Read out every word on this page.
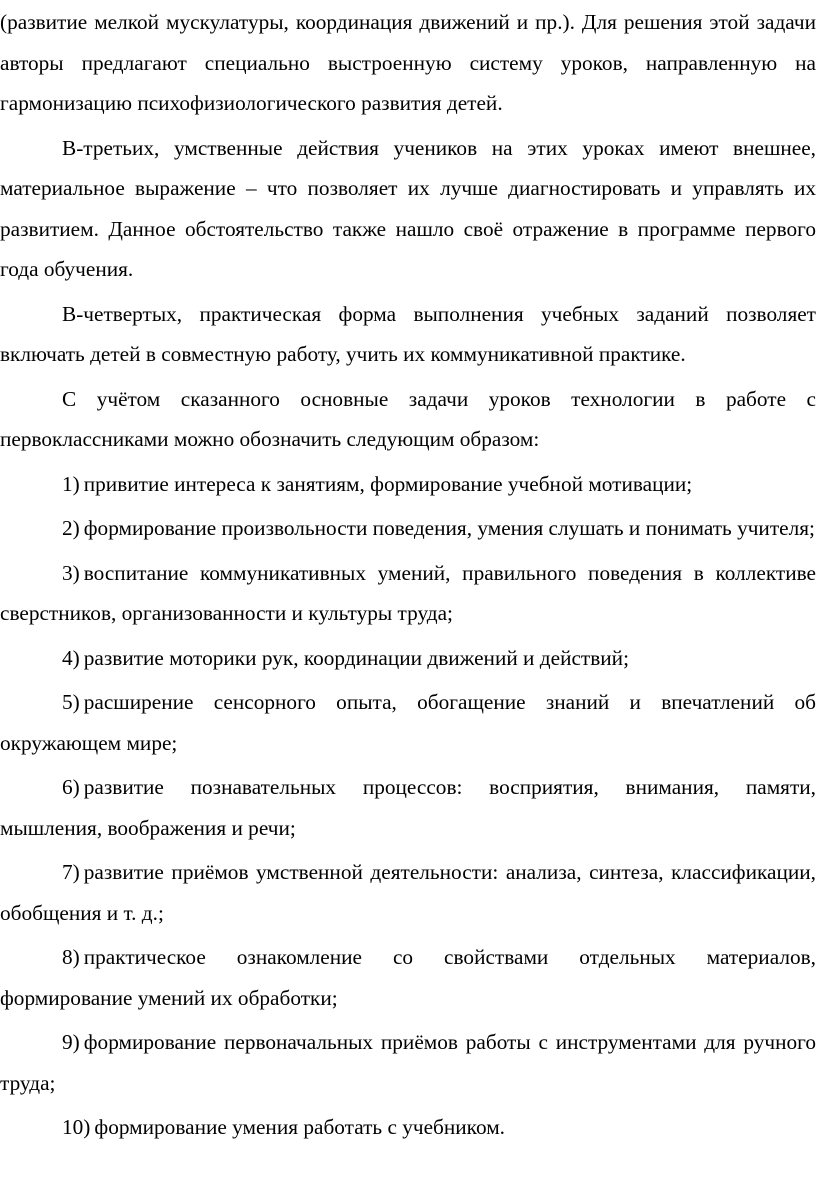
(развитие мелкой мускулатуры, координация движений и пр.). Для решения этой задачи авторы предлагают специально выстроенную систему уроков, направленную на гармонизацию психофизиологического развития детей.

В-третьих, умственные действия учеников на этих уроках имеют внешнее, материальное выражение – что позволяет их лучше диагностировать и управлять их развитием. Данное обстоятельство также нашло своё отражение в программе первого года обучения.

В-четвертых, практическая форма выполнения учебных заданий позволяет включать детей в совместную работу, учить их коммуникативной практике.

С учётом сказанного основные задачи уроков технологии в работе с первоклассниками можно обозначить следующим образом:

1) привитие интереса к занятиям, формирование учебной мотивации;

2) формирование произвольности поведения, умения слушать и понимать учителя;

3) воспитание коммуникативных умений, правильного поведения в коллективе сверстников, организованности и культуры труда;

4) развитие моторики рук, координации движений и действий;

5) расширение сенсорного опыта, обогащение знаний и впечатлений об окружающем мире;

6) развитие познавательных процессов: восприятия, внимания, памяти, мышления, воображения и речи;

7) развитие приёмов умственной деятельности: анализа, синтеза, классификации, обобщения и т. д.;

8) практическое ознакомление со свойствами отдельных материалов, формирование умений их обработки;

9) формирование первоначальных приёмов работы с инструментами для ручного труда;

10) формирование умения работать с учебником.
